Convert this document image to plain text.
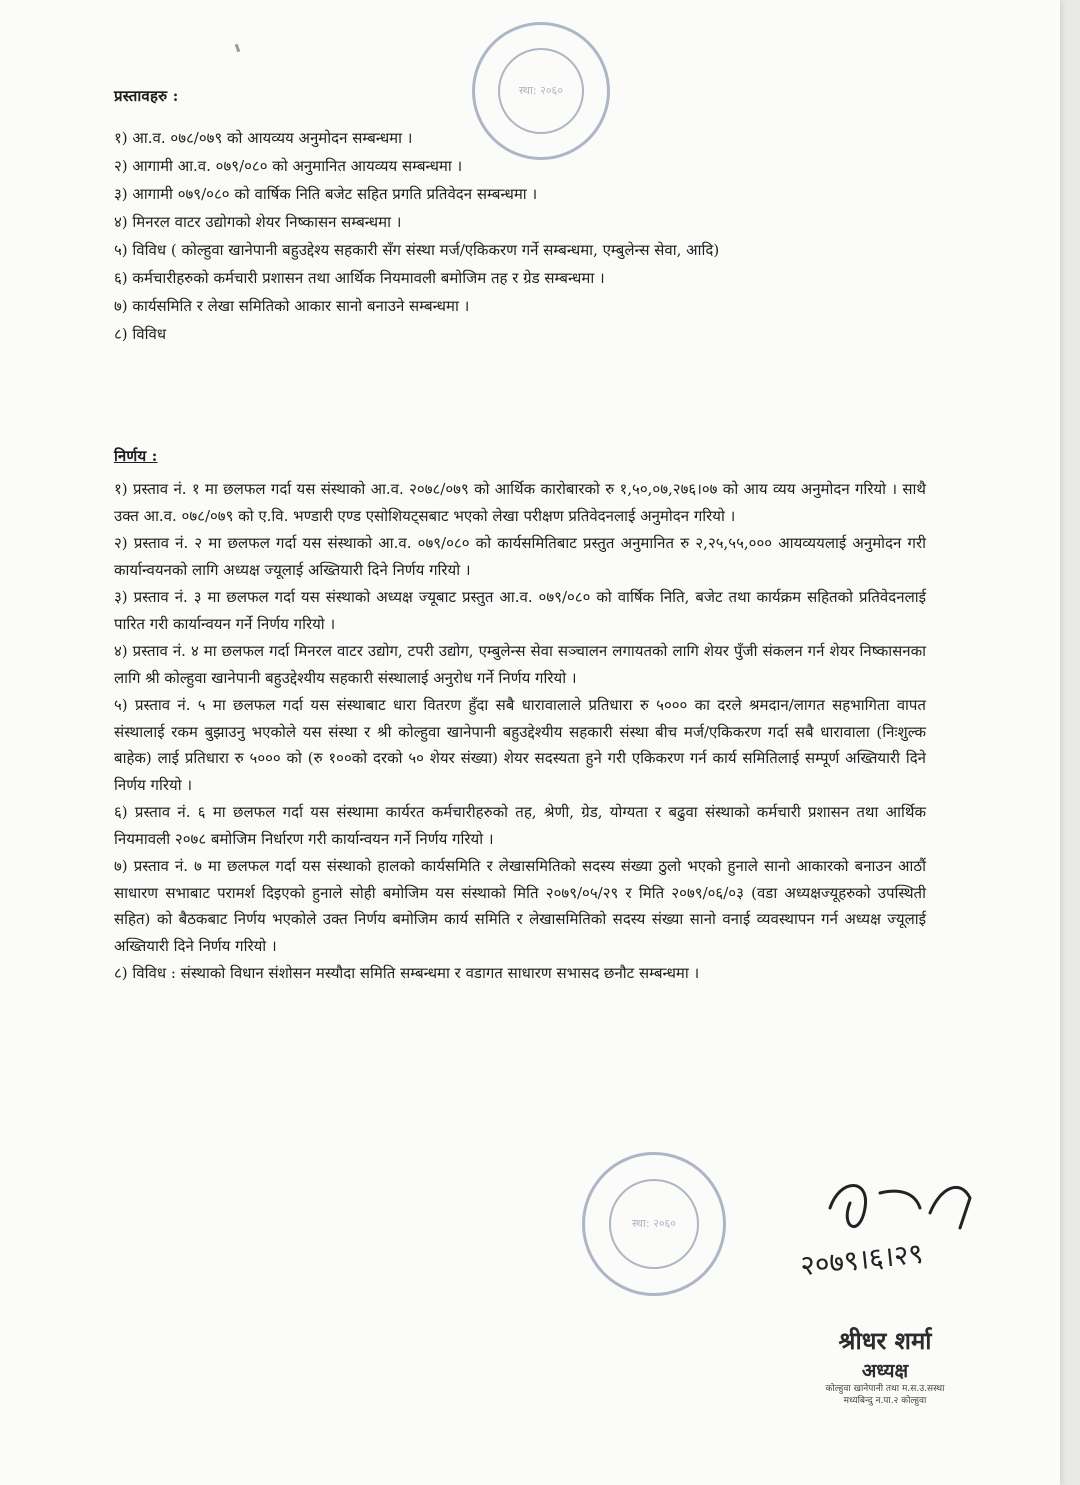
स्था: २०६०
प्रस्तावहरु :
१) आ.व. ०७८/०७९ को आयव्यय अनुमोदन सम्बन्धमा ।
२) आगामी आ.व. ०७९/०८० को अनुमानित आयव्यय सम्बन्धमा ।
३) आगामी ०७९/०८० को वार्षिक निति बजेट सहित प्रगति प्रतिवेदन सम्बन्धमा ।
४) मिनरल वाटर उद्योगको शेयर निष्कासन सम्बन्धमा ।
५) विविध ( कोल्हुवा खानेपानी बहुउद्देश्य सहकारी सँग संस्था मर्ज/एकिकरण गर्ने सम्बन्धमा, एम्बुलेन्स सेवा, आदि)
६) कर्मचारीहरुको कर्मचारी प्रशासन तथा आर्थिक नियमावली बमोजिम तह र ग्रेड सम्बन्धमा ।
७) कार्यसमिति र लेखा समितिको आकार सानो बनाउने सम्बन्धमा ।
८) विविध
निर्णय :
१) प्रस्ताव नं. १ मा छलफल गर्दा यस संस्थाको आ.व. २०७८/०७९ को आर्थिक कारोबारको रु १,५०,०७,२७६।०७ को आय व्यय अनुमोदन गरियो । साथै उक्त आ.व. ०७८/०७९ को ए.वि. भण्डारी एण्ड एसोशियट्सबाट भएको लेखा परीक्षण प्रतिवेदनलाई अनुमोदन गरियो ।
२) प्रस्ताव नं. २ मा छलफल गर्दा यस संस्थाको आ.व. ०७९/०८० को कार्यसमितिबाट प्रस्तुत अनुमानित रु २,२५,५५,००० आयव्ययलाई अनुमोदन गरी कार्यान्वयनको लागि अध्यक्ष ज्यूलाई अख्तियारी दिने निर्णय गरियो ।
३) प्रस्ताव नं. ३ मा छलफल गर्दा यस संस्थाको अध्यक्ष ज्यूबाट प्रस्तुत आ.व. ०७९/०८० को वार्षिक निति, बजेट तथा कार्यक्रम सहितको प्रतिवेदनलाई पारित गरी कार्यान्वयन गर्ने निर्णय गरियो ।
४) प्रस्ताव नं. ४ मा छलफल गर्दा मिनरल वाटर उद्योग, टपरी उद्योग, एम्बुलेन्स सेवा सञ्चालन लगायतको लागि शेयर पुँजी संकलन गर्न शेयर निष्कासनका लागि श्री कोल्हुवा खानेपानी बहुउद्देश्यीय सहकारी संस्थालाई अनुरोध गर्ने निर्णय गरियो ।
५) प्रस्ताव नं. ५ मा छलफल गर्दा यस संस्थाबाट धारा वितरण हुँदा सबै धारावालाले प्रतिधारा रु ५००० का दरले श्रमदान/लागत सहभागिता वापत संस्थालाई रकम बुझाउनु भएकोले यस संस्था र श्री कोल्हुवा खानेपानी बहुउद्देश्यीय सहकारी संस्था बीच मर्ज/एकिकरण गर्दा सबै धारावाला (निःशुल्क बाहेक) लाई प्रतिधारा रु ५००० को (रु १००को दरको ५० शेयर संख्या) शेयर सदस्यता हुने गरी एकिकरण गर्न कार्य समितिलाई सम्पूर्ण अख्तियारी दिने निर्णय गरियो ।
६) प्रस्ताव नं. ६ मा छलफल गर्दा यस संस्थामा कार्यरत कर्मचारीहरुको तह, श्रेणी, ग्रेड, योग्यता र बढुवा संस्थाको कर्मचारी प्रशासन तथा आर्थिक नियमावली २०७८ बमोजिम निर्धारण गरी कार्यान्वयन गर्ने निर्णय गरियो ।
७) प्रस्ताव नं. ७ मा छलफल गर्दा यस संस्थाको हालको कार्यसमिति र लेखासमितिको सदस्य संख्या ठुलो भएको हुनाले सानो आकारको बनाउन आठौं साधारण सभाबाट परामर्श दिइएको हुनाले सोही बमोजिम यस संस्थाको मिति २०७९/०५/२९ र मिति २०७९/०६/०३ (वडा अध्यक्षज्यूहरुको उपस्थिती सहित) को बैठकबाट निर्णय भएकोले उक्त निर्णय बमोजिम कार्य समिति र लेखासमितिको सदस्य संख्या सानो वनाई व्यवस्थापन गर्न अध्यक्ष ज्यूलाई अख्तियारी दिने निर्णय गरियो ।
८) विविध : संस्थाको विधान संशोसन मस्यौदा समिति सम्बन्धमा र वडागत साधारण सभासद छनौट सम्बन्धमा ।
स्था: २०६०
२०७९।६।२९
श्रीधर शर्मा
अध्यक्ष
कोल्हुवा खानेपानी तथा म.स.उ.सस्था
मध्यबिन्दु न.पा.२ कोल्हुवा
